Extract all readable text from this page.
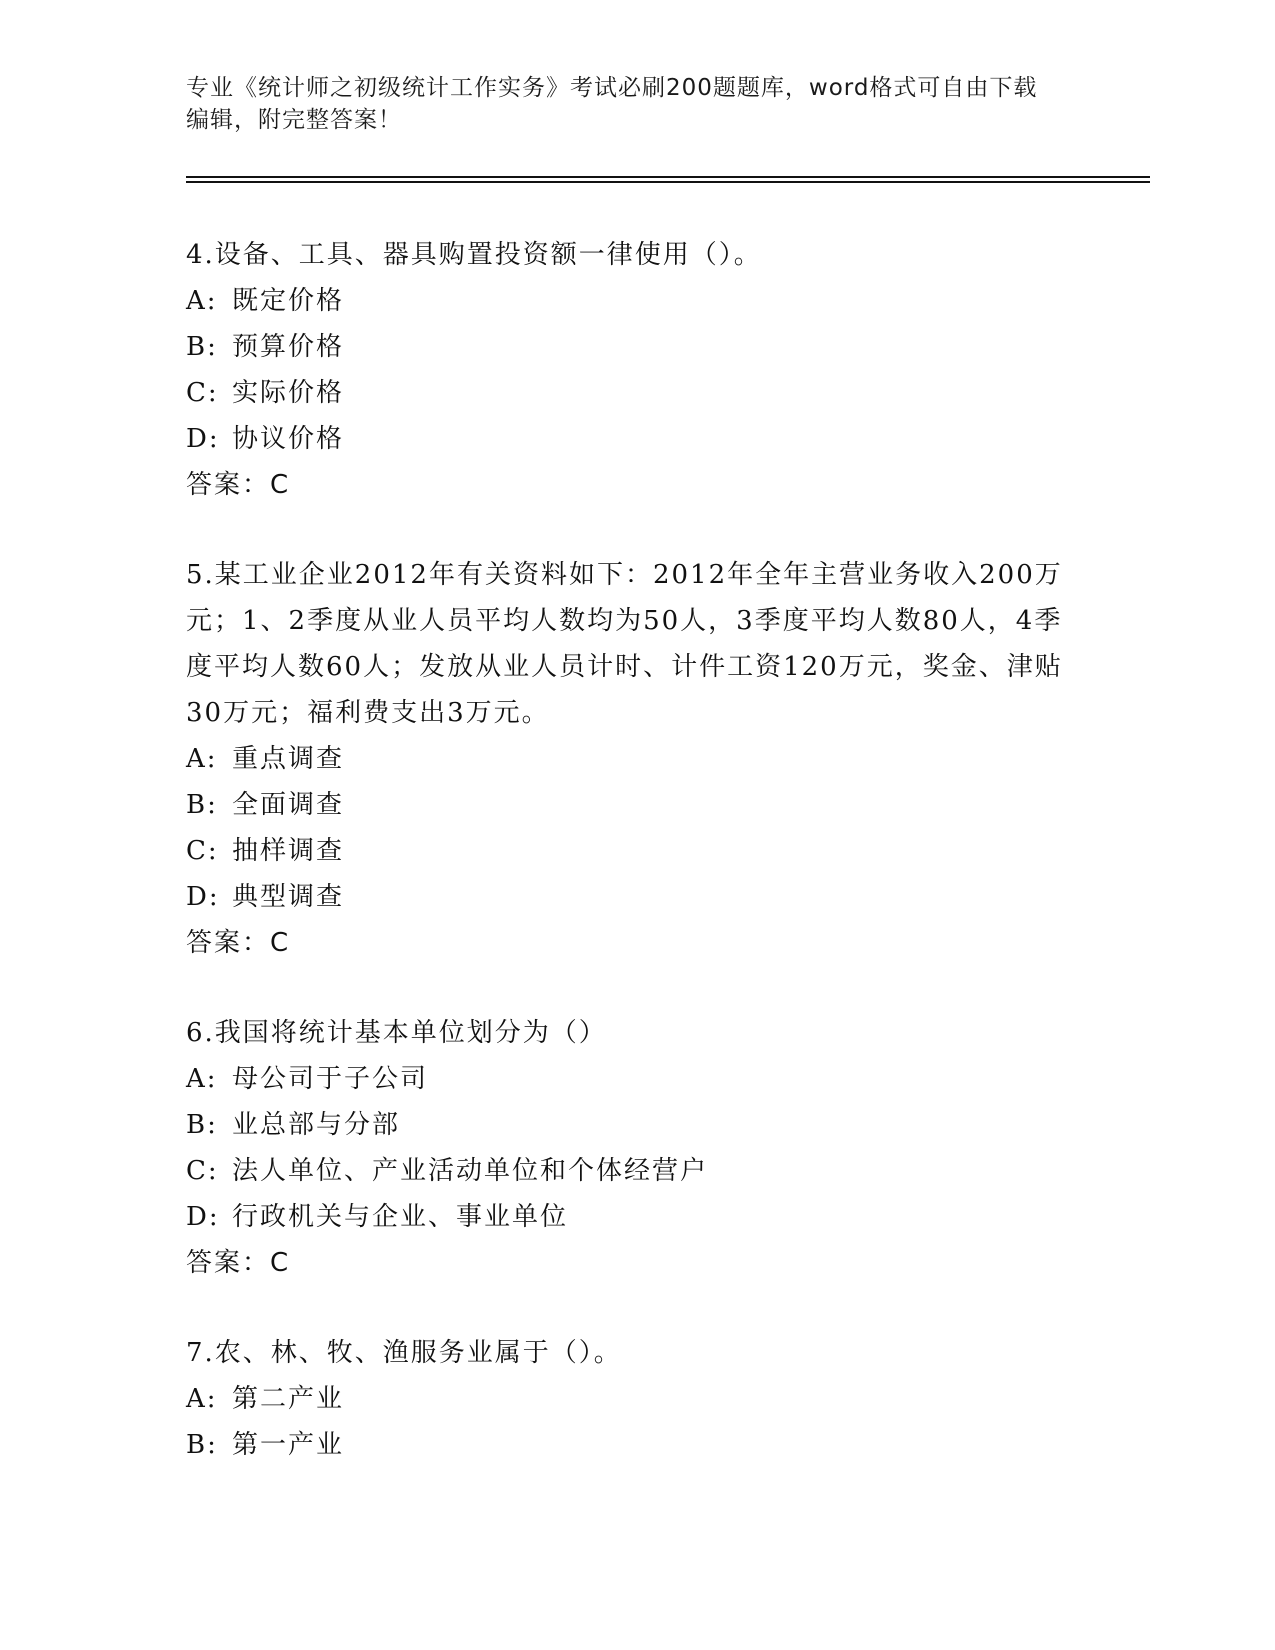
专业《统计师之初级统计工作实务》考试必刷200题题库，word格式可自由下载
编辑，附完整答案！

4.设备、工具、器具购置投资额一律使用（）。

A: 既定价格
B: 预算价格
C: 实际价格
D: 协议价格
答案：C

5.某工业企业2012年有关资料如下：2012年全年主营业务收入200万元；1、2季度从业人员平均人数均为50人，3季度平均人数80人，4季度平均人数60人；发放从业人员计时、计件工资120万元，奖金、津贴30万元；福利费支出3万元。

A: 重点调查
B: 全面调查
C: 抽样调查
D: 典型调查
答案：C

6.我国将统计基本单位划分为（）

A: 母公司于子公司
B: 业总部与分部
C: 法人单位、产业活动单位和个体经营户
D: 行政机关与企业、事业单位
答案：C

7.农、林、牧、渔服务业属于（）。

A: 第二产业
B: 第一产业
